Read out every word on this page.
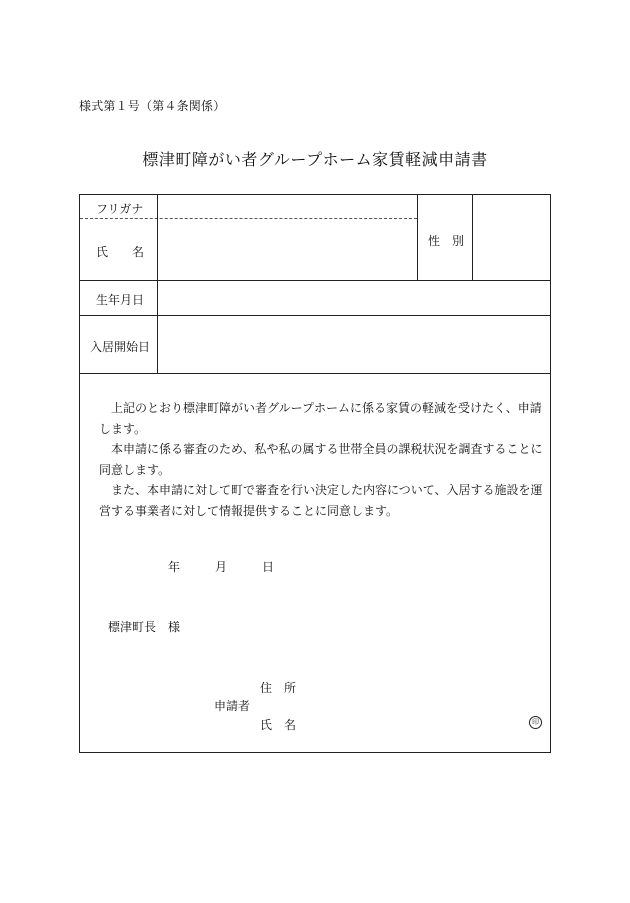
様式第１号（第４条関係）
標津町障がい者グループホーム家賃軽減申請書
フリガナ
氏　　名
性　別
生年月日
入居開始日

上記のとおり標津町障がい者グループホームに係る家賃の軽減を受けたく、申請します。

本申請に係る審査のため、私や私の属する世帯全員の課税状況を調査することに同意します。

また、本申請に対して町で審査を行い決定した内容について、入居する施設を運営する事業者に対して情報提供することに同意します。

年	月	日
標津町長　様
住　所
申請者
氏　名	印
